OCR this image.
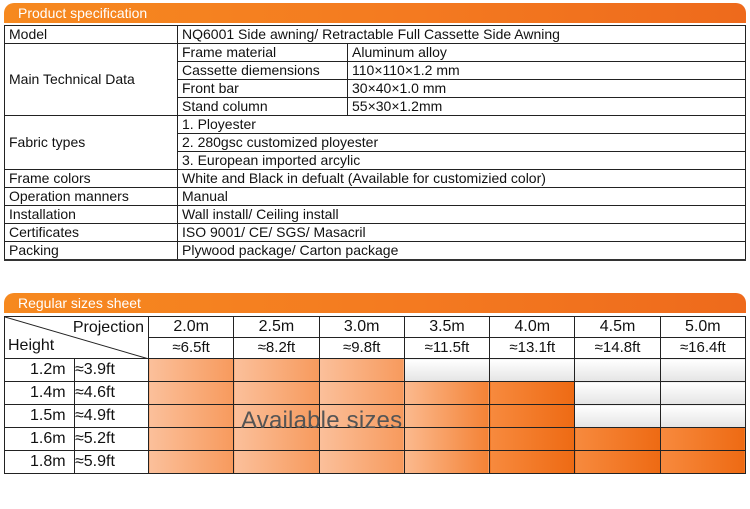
Product specification
Model	NQ6001 Side awning/ Retractable Full Cassette Side Awning	
Main Technical Data	Frame material	Aluminum alloy
	Cassette diemensions	110×110×1.2 mm
	Front bar	30×40×1.0 mm
	Stand column	55×30×1.2mm
Fabric types	1. Ployester	
	2. 280gsc customized ployester	
	3. European imported arcylic	
Frame colors	White and Black in defualt (Available for customizied color)	
Operation manners	Manual	
Installation	Wall install/ Ceiling install	
Certificates	ISO 9001/ CE/ SGS/ Masacril	
Packing	Plywood package/ Carton package	
Regular sizes sheet
Projection
Height	2.0m	2.5m	3.0m	3.5m	4.0m	4.5m	5.0m
	≈6.5ft	≈8.2ft	≈9.8ft	≈11.5ft	≈13.1ft	≈14.8ft	≈16.4ft
1.2m ≈3.9ft							
1.4m ≈4.6ft							
1.5m ≈4.9ft							
1.6m ≈5.2ft							
1.8m ≈5.9ft							
Available sizes
